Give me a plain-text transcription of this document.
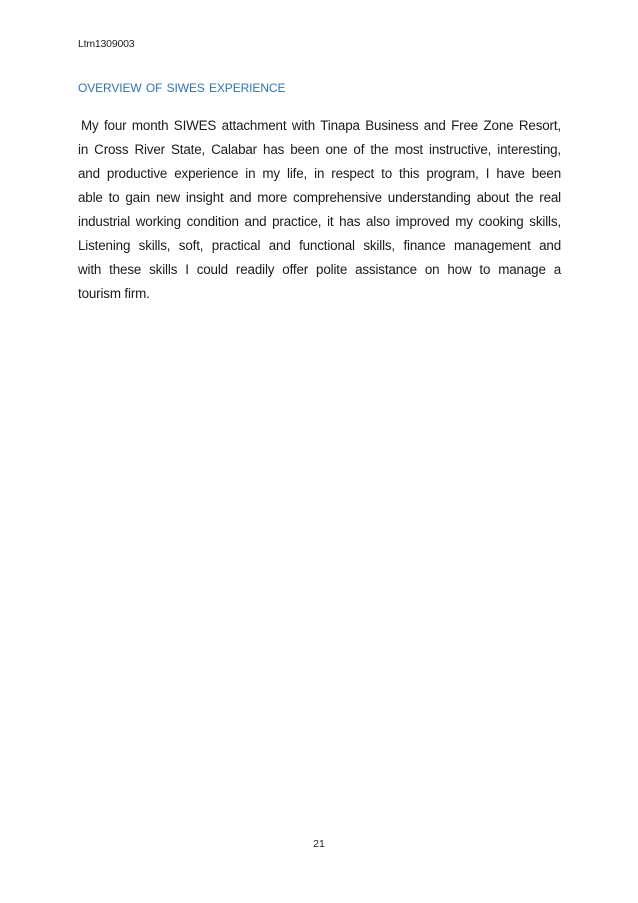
Ltm1309003
OVERVIEW OF SIWES EXPERIENCE
My four month SIWES attachment with Tinapa Business and Free Zone Resort,
in Cross River State, Calabar has been one of the most instructive, interesting,
and productive experience in my life, in respect to this program, I have been
able to gain new insight and more comprehensive understanding about the real
industrial working condition and practice, it has also improved my cooking skills,
Listening skills, soft, practical and functional skills, finance management and
with these skills I could readily offer polite assistance on how to manage a
tourism firm.
21
